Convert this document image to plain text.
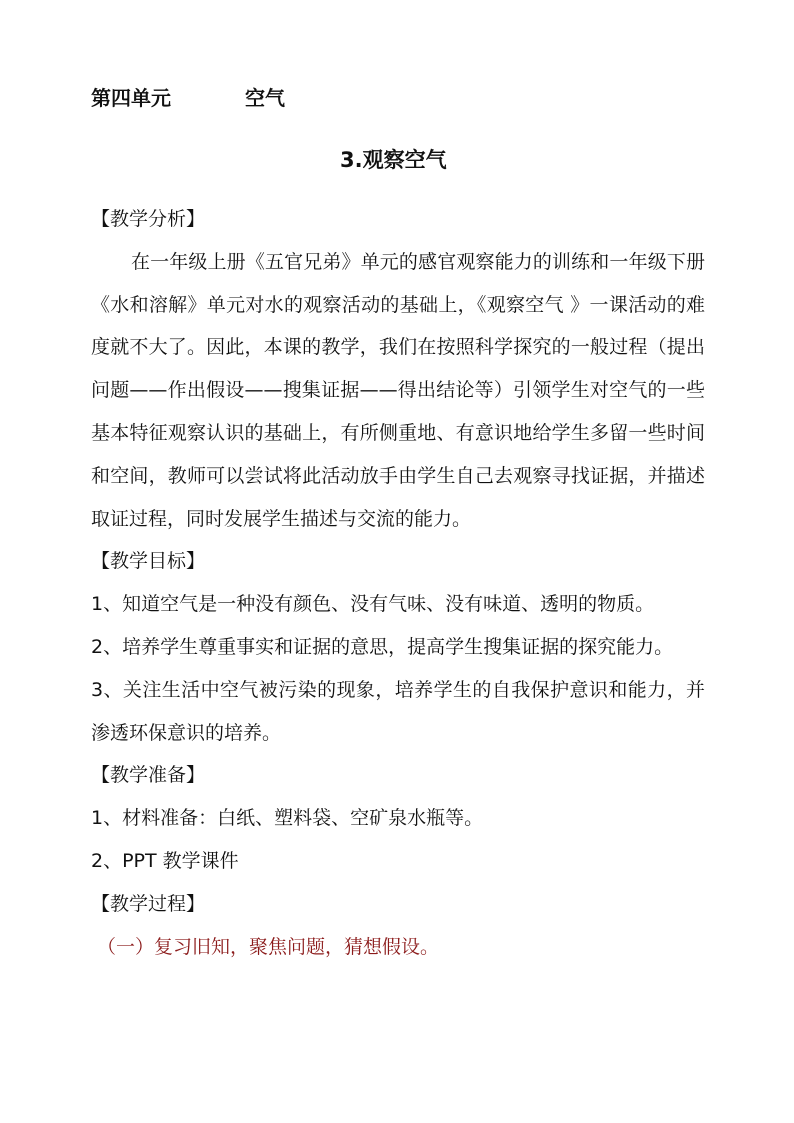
第四单元	空气
3.观察空气

【教学分析】

在一年级上册《五官兄弟》单元的感官观察能力的训练和一年级下册《水和溶解》单元对水的观察活动的基础上，《观察空气 》一课活动的难度就不大了。因此，本课的教学，我们在按照科学探究的一般过程（提出问题——作出假设——搜集证据——得出结论等）引领学生对空气的一些基本特征观察认识的基础上，有所侧重地、有意识地给学生多留一些时间和空间，教师可以尝试将此活动放手由学生自己去观察寻找证据，并描述取证过程，同时发展学生描述与交流的能力。

【教学目标】

1、知道空气是一种没有颜色、没有气味、没有味道、透明的物质。

2、培养学生尊重事实和证据的意思，提高学生搜集证据的探究能力。

3、关注生活中空气被污染的现象，培养学生的自我保护意识和能力，并渗透环保意识的培养。

【教学准备】

1、材料准备：白纸、塑料袋、空矿泉水瓶等。

2、PPT 教学课件

【教学过程】

（一）复习旧知，聚焦问题，猜想假设。
